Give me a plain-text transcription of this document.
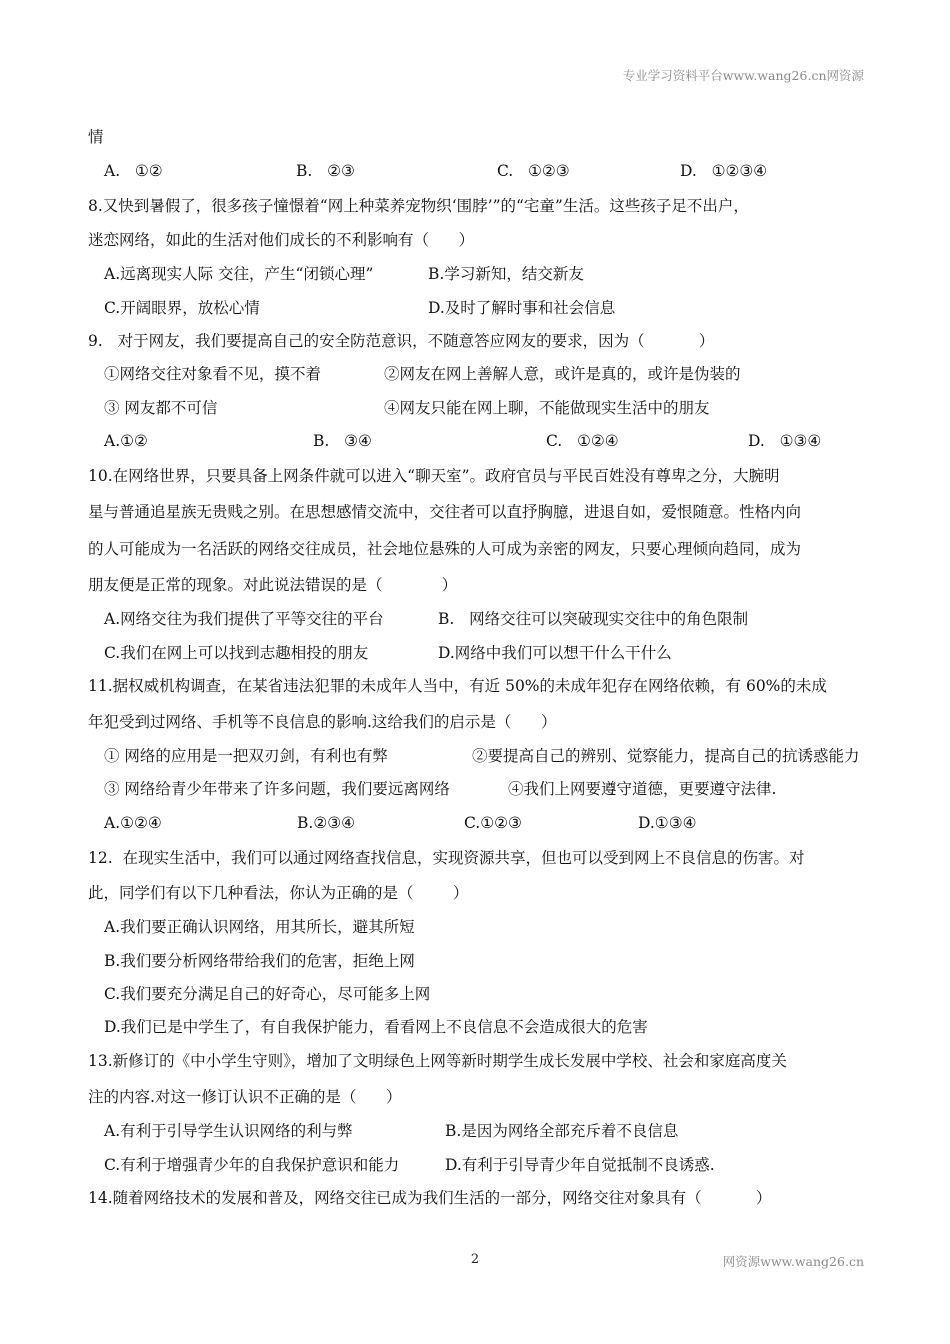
专业学习资料平台www.wang26.cn网资源
情
A.   ①②	B.   ②③	C.   ①②③	D.   ①②③④
8.又快到暑假了，很多孩子憧憬着“网上种菜养宠物织‘围脖’”的“宅童”生活。这些孩子足不出户，
迷恋网络，如此的生活对他们成长的不利影响有（      ）
A.远离现实人际 交往，产生“闭锁心理”	B.学习新知，结交新友
C.开阔眼界，放松心情	D.及时了解时事和社会信息
9.   对于网友，我们要提高自己的安全防范意识，不随意答应网友的要求，因为（           ）
①网络交往对象看不见，摸不着	②网友在网上善解人意，或许是真的，或许是伪装的
③ 网友都不可信	④网友只能在网上聊，不能做现实生活中的朋友
A.①②	B.   ③④	C.   ①②④	D.   ①③④
10.在网络世界，只要具备上网条件就可以进入“聊天室”。政府官员与平民百姓没有尊卑之分，大腕明
星与普通追星族无贵贱之别。在思想感情交流中，交往者可以直抒胸臆，进退自如，爱恨随意。性格内向
的人可能成为一名活跃的网络交往成员，社会地位悬殊的人可成为亲密的网友，只要心理倾向趋同，成为
朋友便是正常的现象。对此说法错误的是（            ）
A.网络交往为我们提供了平等交往的平台	B.   网络交往可以突破现实交往中的角色限制
C.我们在网上可以找到志趣相投的朋友	D.网络中我们可以想干什么干什么
11.据权威机构调查，在某省违法犯罪的未成年人当中，有近 50%的未成年犯存在网络依赖，有 60%的未成
年犯受到过网络、手机等不良信息的影响.这给我们的启示是（      ）
① 网络的应用是一把双刃剑，有利也有弊	②要提高自己的辨别、觉察能力，提高自己的抗诱惑能力
③ 网络给青少年带来了许多问题，我们要远离网络	④我们上网要遵守道德，更要遵守法律.
A.①②④	B.②③④	C.①②③	D.①③④
12.  在现实生活中，我们可以通过网络查找信息，实现资源共享，但也可以受到网上不良信息的伤害。对
此，同学们有以下几种看法，你认为正确的是（        ）
A.我们要正确认识网络，用其所长，避其所短
B.我们要分析网络带给我们的危害，拒绝上网
C.我们要充分满足自己的好奇心，尽可能多上网
D.我们已是中学生了，有自我保护能力，看看网上不良信息不会造成很大的危害
13.新修订的《中小学生守则》，增加了文明绿色上网等新时期学生成长发展中学校、社会和家庭高度关
注的内容.对这一修订认识不正确的是（      ）
A.有利于引导学生认识网络的利与弊	B.是因为网络全部充斥着不良信息
C.有利于增强青少年的自我保护意识和能力	D.有利于引导青少年自觉抵制不良诱惑.
14.随着网络技术的发展和普及，网络交往已成为我们生活的一部分，网络交往对象具有（           ）
2	网资源www.wang26.cn
